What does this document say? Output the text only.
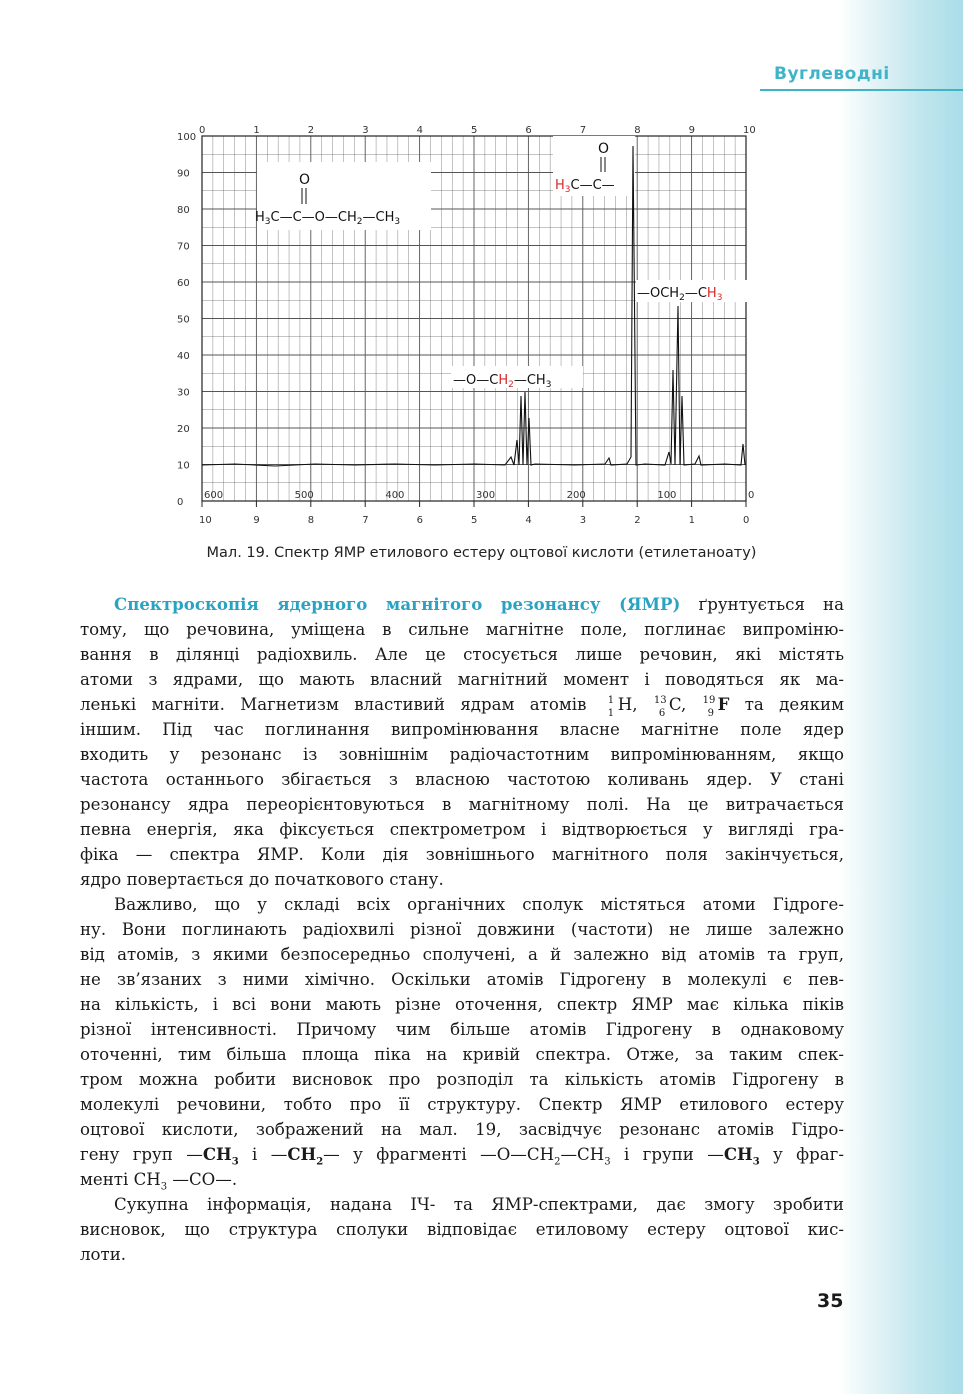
Вуглеводні
0	1	2	3	4	5	6	7	8	9	10
100
90
80
70
60
50
40
30
20
10
0
600	500	400	300	200	100	0
10	9	8	7	6	5	4	3	2	1	0
O
$H_3C—C—O—CH_2—CH_3$
O
$H_3C—C—$
$—OCH_2—CH_3$
$—O—CH_2—CH_3$
Мал. 19. Спектр ЯМР етилового естеру оцтової кислоти (етилетаноату)
Спектроскопія ядерного магнітого резонансу (ЯМР) ґрунтується на
тому, що речовина, уміщена в сильне магнітне поле, поглинає випроміню-
вання в ділянці радіохвиль. Але це стосується лише речовин, які містять
атоми з ядрами, що мають власний магнітний момент і поводяться як ма-
ленькі магніти. Магнетизм властивий ядрам атомів 1
1 H, 13
6 C, 19
9 F та деяким
іншим. Під час поглинання випромінювання власне магнітне поле ядер
входить у резонанс із зовнішнім радіочастотним випромінюванням, якщо
частота останнього збігається з власною частотою коливань ядер. У стані
резонансу ядра переорієнтовуються в магнітному полі. На це витрачається
певна енергія, яка фіксується спектрометром і відтворюється у вигляді гра-
фіка — спектра ЯМР. Коли дія зовнішнього магнітного поля закінчується,
ядро повертається до початкового стану.
Важливо, що у складі всіх органічних сполук містяться атоми Гідроге-
ну. Вони поглинають радіохвилі різної довжини (частоти) не лише залежно
від атомів, з якими безпосередньо сполучені, а й залежно від атомів та груп,
не зв’язаних з ними хімічно. Оскільки атомів Гідрогену в молекулі є пев-
на кількість, і всі вони мають різне оточення, спектр ЯМР має кілька піків
різної інтенсивності. Причому чим більше атомів Гідрогену в однаковому
оточенні, тим більша площа піка на кривій спектра. Отже, за таким спек-
тром можна робити висновок про розподіл та кількість атомів Гідрогену в
молекулі речовини, тобто про її структуру. Спектр ЯМР етилового естеру
оцтової кислоти, зображений на мал. 19, засвідчує резонанс атомів Гідро-
гену груп $—CH_3$ і $—CH_2—$ у фрагменті $—O—CH_2—CH_3$ і групи $—CH_3$ у фраг-
менті $CH_3$ —CO—.
Сукупна інформація, надана ІЧ- та ЯМР-спектрами, дає змогу зробити
висновок, що структура сполуки відповідає етиловому естеру оцтової кис-
лоти.
35
